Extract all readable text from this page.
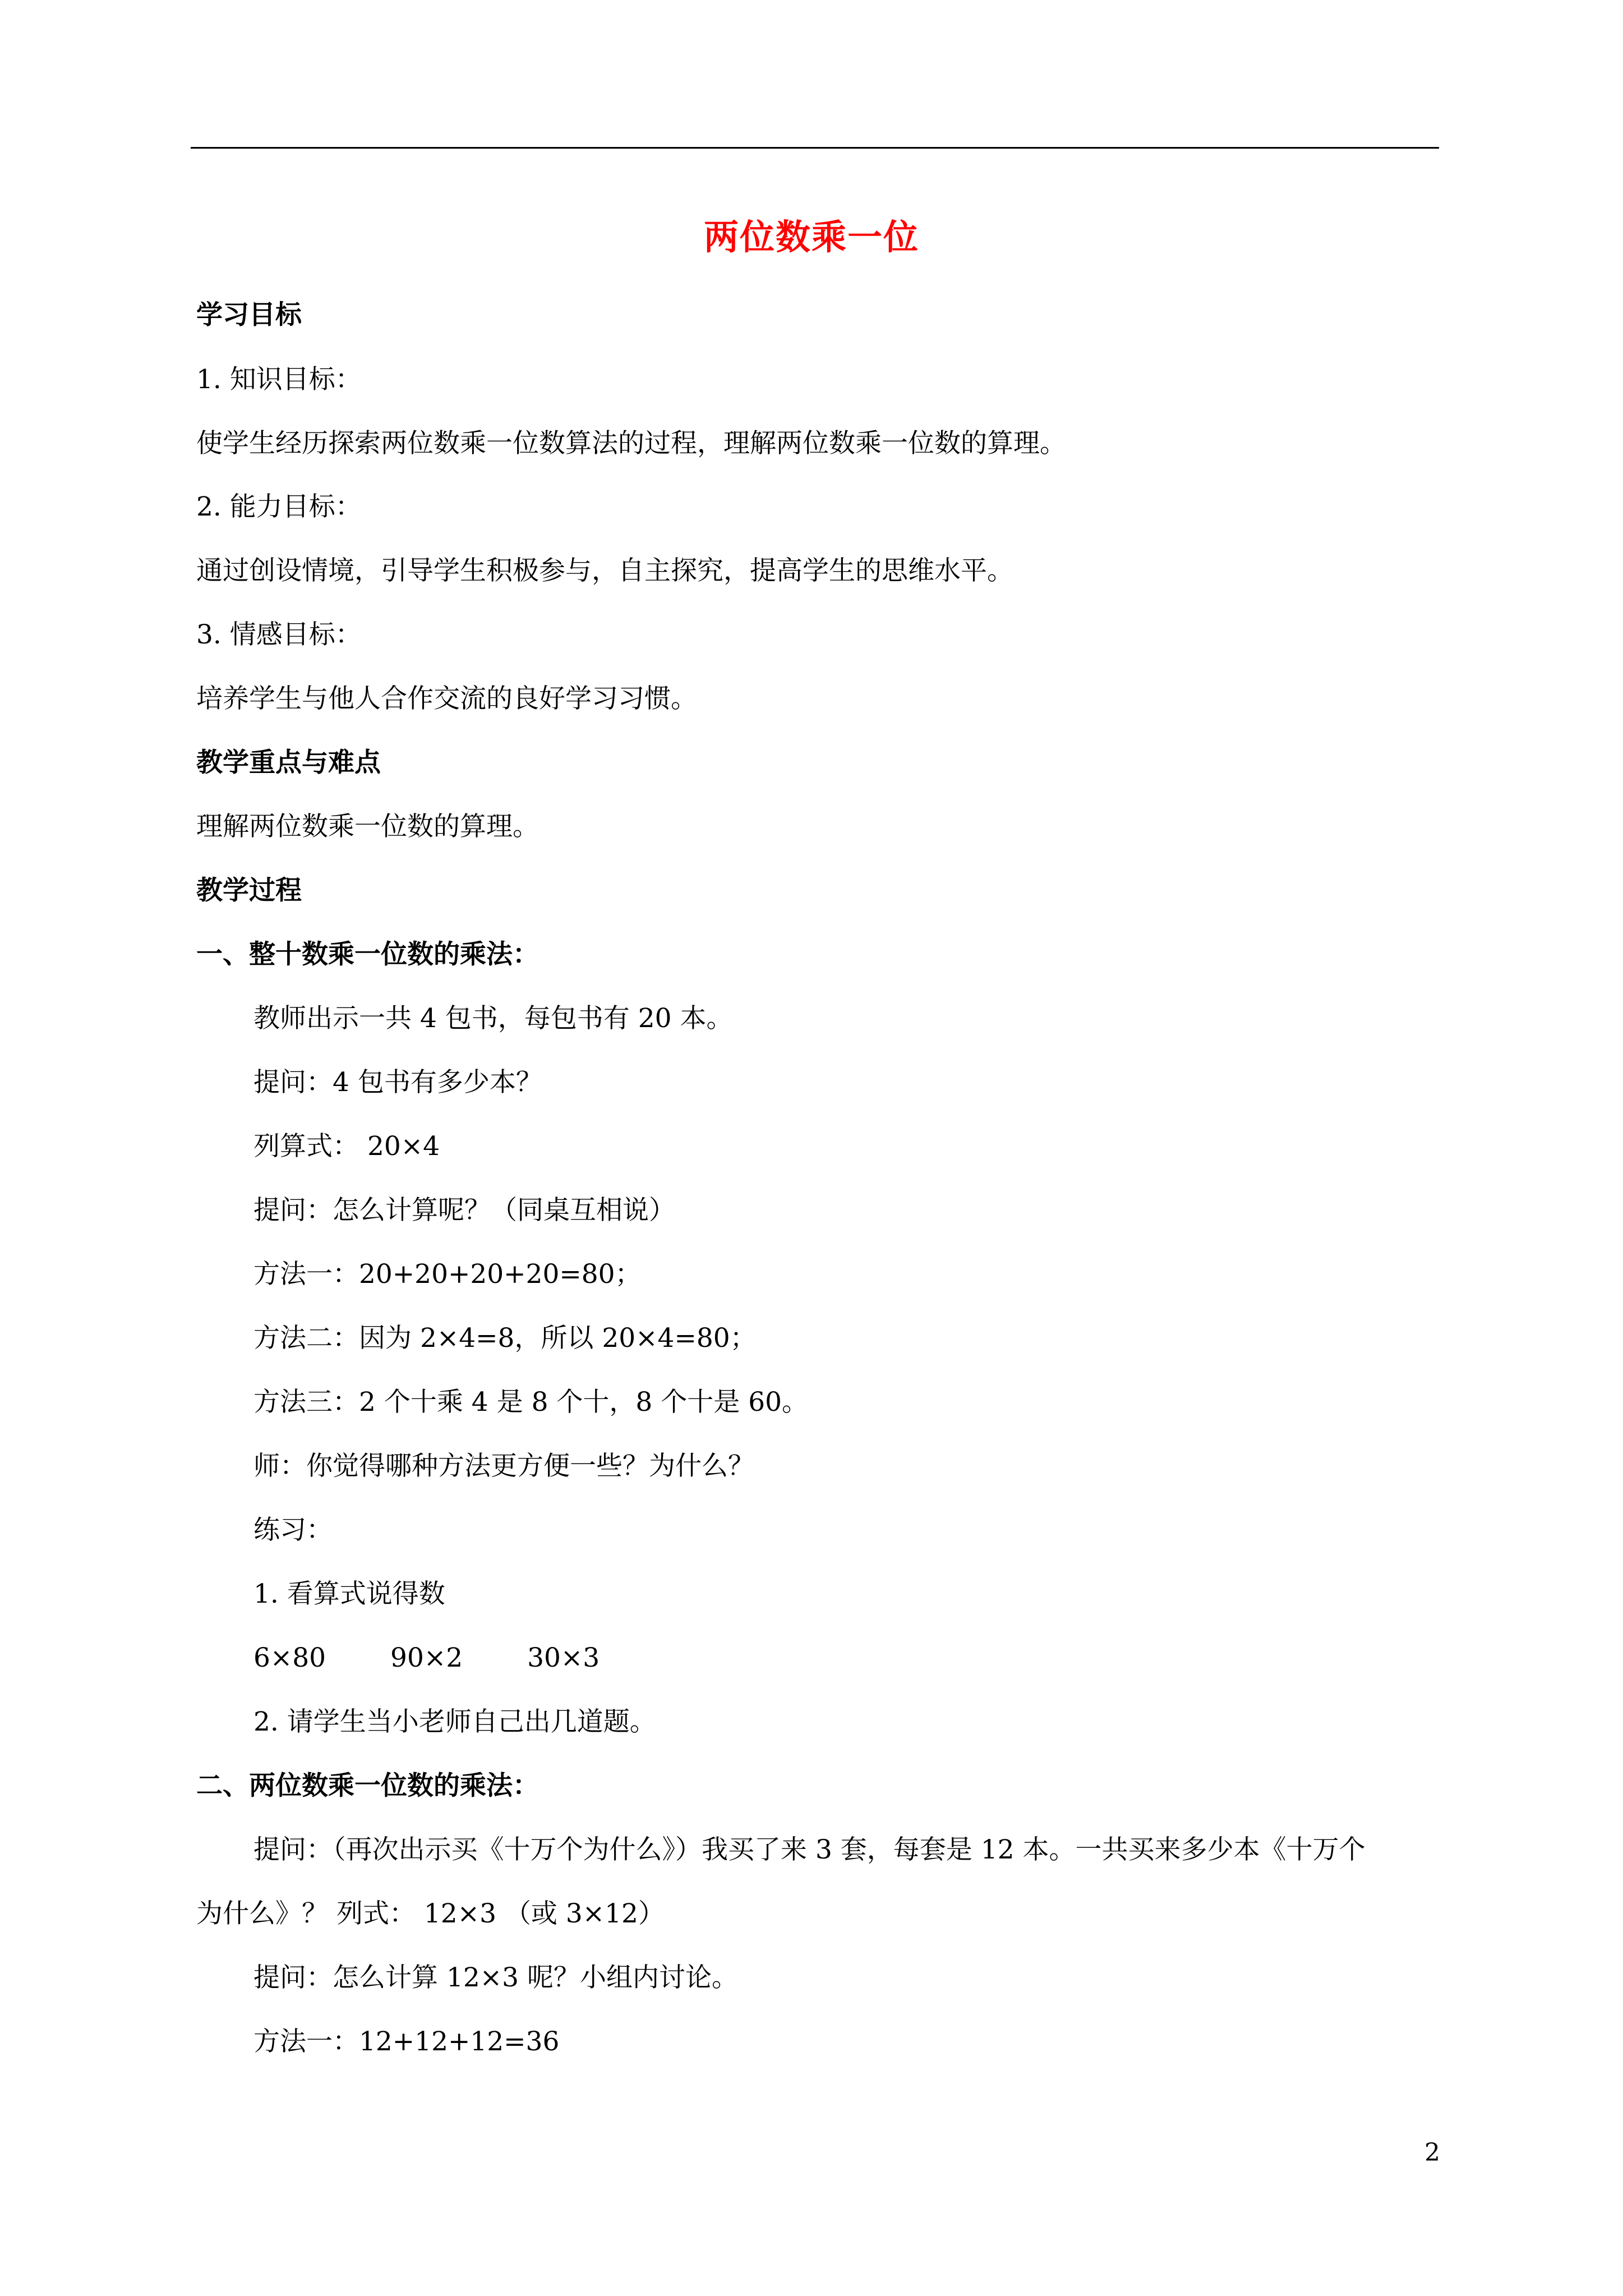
两位数乘一位
学习目标
1. 知识目标：
使学生经历探索两位数乘一位数算法的过程，理解两位数乘一位数的算理。
2. 能力目标：
通过创设情境，引导学生积极参与，自主探究，提高学生的思维水平。
3. 情感目标：
培养学生与他人合作交流的良好学习习惯。
教学重点与难点
理解两位数乘一位数的算理。
教学过程
一、整十数乘一位数的乘法：
教师出示一共 4 包书，每包书有 20 本。
提问：4 包书有多少本？
列算式： 20×4
提问：怎么计算呢？（同桌互相说）
方法一：20+20+20+20=80；
方法二：因为 2×4=8，所以 20×4=80；
方法三：2 个十乘 4 是 8 个十，8 个十是 60。
师：你觉得哪种方法更方便一些？为什么？
练习：
1. 看算式说得数
6×80 90×2 30×3
2. 请学生当小老师自己出几道题。
二、两位数乘一位数的乘法：
提问：（再次出示买《十万个为什么》）我买了来 3 套，每套是 12 本。一共买来多少本《十万个
为什么》？ 列式： 12×3 （或 3×12）
提问：怎么计算 12×3 呢？小组内讨论。
方法一：12+12+12=36
2
